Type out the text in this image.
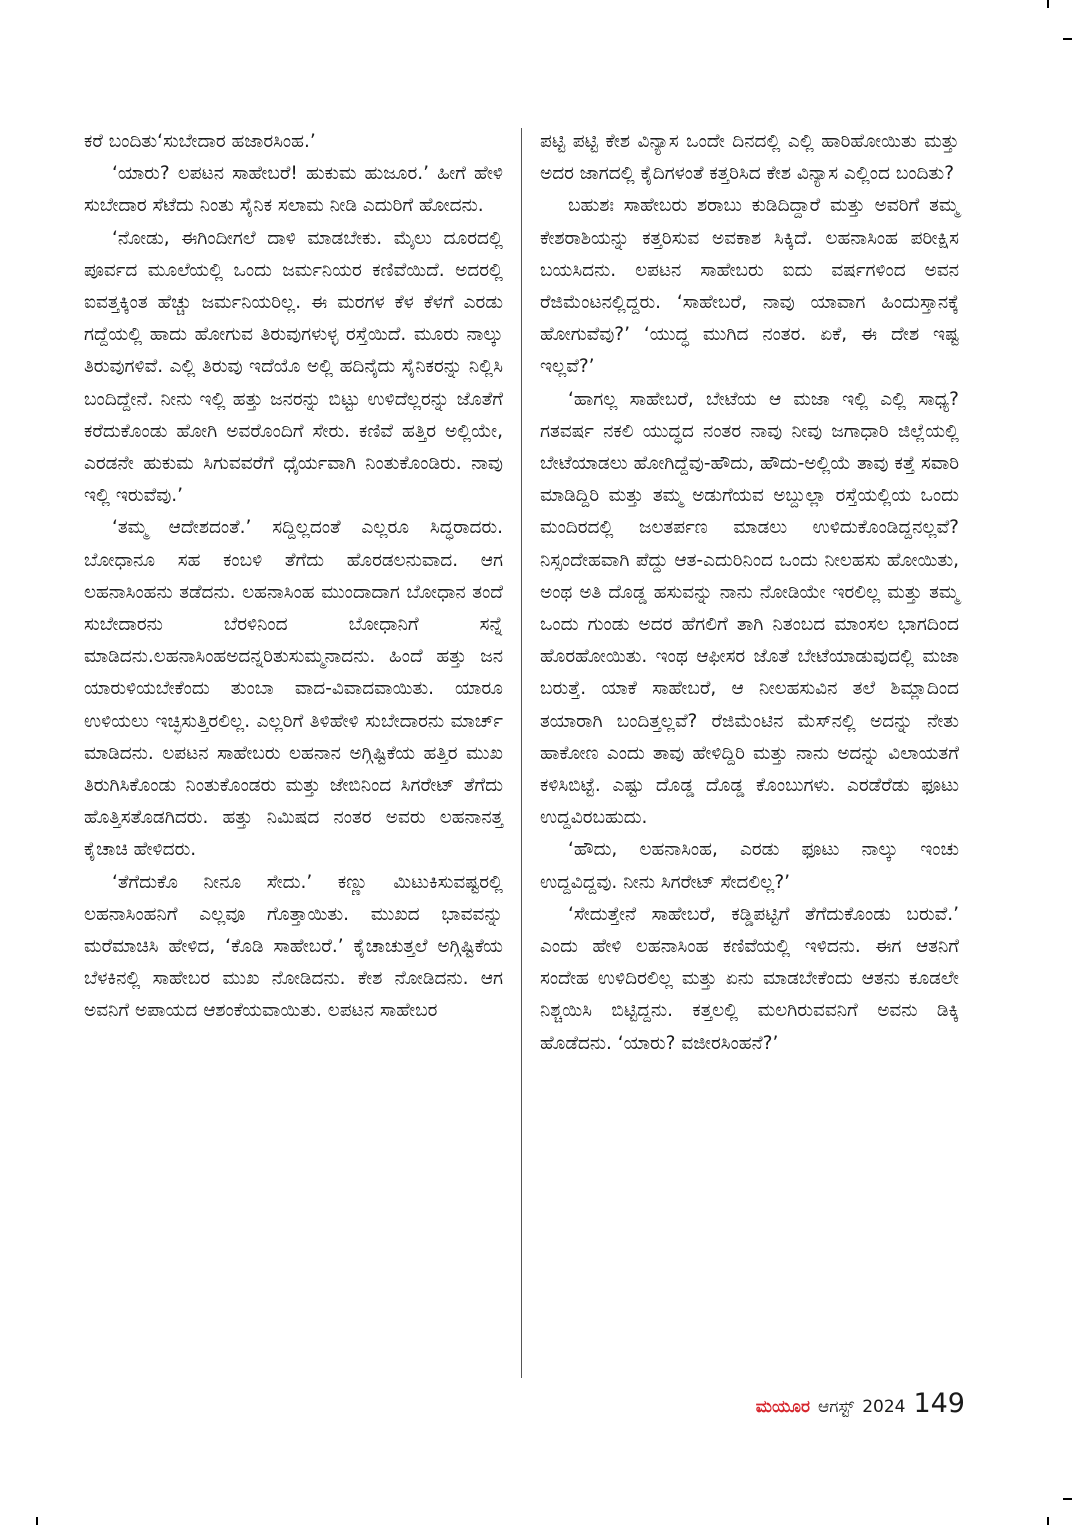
ಕರೆ ಬಂದಿತು‘ಸುಬೇದಾರ ಹಜಾರಸಿಂಹ.’

‘ಯಾರು? ಲಪಟನ ಸಾಹೇಬರೆ! ಹುಕುಮ ಹುಜೂರ.’ ಹೀಗೆ ಹೇಳಿ ಸುಬೇದಾರ ಸೆಟೆದು ನಿಂತು ಸೈನಿಕ ಸಲಾಮ ನೀಡಿ ಎದುರಿಗೆ ಹೋದನು.

‘ನೋಡು, ಈಗಿಂದೀಗಲೆ ದಾಳಿ ಮಾಡಬೇಕು. ಮೈಲು ದೂರದಲ್ಲಿ ಪೂರ್ವದ ಮೂಲೆಯಲ್ಲಿ ಒಂದು ಜರ್ಮನಿಯರ ಕಣಿವೆಯಿದೆ. ಅದರಲ್ಲಿ ಐವತ್ತಕ್ಕಿಂತ ಹೆಚ್ಚು ಜರ್ಮನಿಯರಿಲ್ಲ. ಈ ಮರಗಳ ಕೆಳ ಕೆಳಗೆ ಎರಡು ಗದ್ದೆಯಲ್ಲಿ ಹಾದು ಹೋಗುವ ತಿರುವುಗಳುಳ್ಳ ರಸ್ತೆಯಿದೆ. ಮೂರು ನಾಲ್ಕು ತಿರುವುಗಳಿವೆ. ಎಲ್ಲಿ ತಿರುವು ಇದೆಯೊ ಅಲ್ಲಿ ಹದಿನೈದು ಸೈನಿಕರನ್ನು ನಿಲ್ಲಿಸಿ ಬಂದಿದ್ದೇನೆ. ನೀನು ಇಲ್ಲಿ ಹತ್ತು ಜನರನ್ನು ಬಿಟ್ಟು ಉಳಿದೆಲ್ಲರನ್ನು ಜೊತೆಗೆ ಕರೆದುಕೊಂಡು ಹೋಗಿ ಅವರೊಂದಿಗೆ ಸೇರು. ಕಣಿವೆ ಹತ್ತಿರ ಅಲ್ಲಿಯೇ, ಎರಡನೇ ಹುಕುಮ ಸಿಗುವವರೆಗೆ ಧೈರ್ಯವಾಗಿ ನಿಂತುಕೊಂಡಿರು. ನಾವು ಇಲ್ಲಿ ಇರುವೆವು.’

‘ತಮ್ಮ ಆದೇಶದಂತೆ.’ ಸದ್ದಿಲ್ಲದಂತೆ ಎಲ್ಲರೂ ಸಿದ್ಧರಾದರು. ಬೋಧಾನೂ ಸಹ ಕಂಬಳಿ ತೆಗೆದು ಹೊರಡಲನುವಾದ. ಆಗ ಲಹನಾಸಿಂಹನು ತಡೆದನು. ಲಹನಾಸಿಂಹ ಮುಂದಾದಾಗ ಬೋಧಾನ ತಂದೆ ಸುಬೇದಾರನು ಬೆರಳಿನಿಂದ ಬೋಧಾನಿಗೆ ಸನ್ನೆ ಮಾಡಿದನು.ಲಹನಾಸಿಂಹಅದನ್ನರಿತುಸುಮ್ಮನಾದನು. ಹಿಂದೆ ಹತ್ತು ಜನ ಯಾರುಳಿಯಬೇಕೆಂದು ತುಂಬಾ ವಾದ-ವಿವಾದವಾಯಿತು. ಯಾರೂ ಉಳಿಯಲು ಇಚ್ಛಿಸುತ್ತಿರಲಿಲ್ಲ. ಎಲ್ಲರಿಗೆ ತಿಳಿಹೇಳಿ ಸುಬೇದಾರನು ಮಾರ್ಚ್ ಮಾಡಿದನು. ಲಪಟನ ಸಾಹೇಬರು ಲಹನಾನ ಅಗ್ಗಿಷ್ಟಿಕೆಯ ಹತ್ತಿರ ಮುಖ ತಿರುಗಿಸಿಕೊಂಡು ನಿಂತುಕೊಂಡರು ಮತ್ತು ಜೇಬಿನಿಂದ ಸಿಗರೇಟ್ ತೆಗೆದು ಹೊತ್ತಿಸತೊಡಗಿದರು. ಹತ್ತು ನಿಮಿಷದ ನಂತರ ಅವರು ಲಹನಾನತ್ತ ಕೈಚಾಚಿ ಹೇಳಿದರು.

‘ತೆಗೆದುಕೊ ನೀನೂ ಸೇದು.’ ಕಣ್ಣು ಮಿಟುಕಿಸುವಷ್ಟರಲ್ಲಿ ಲಹನಾಸಿಂಹನಿಗೆ ಎಲ್ಲವೂ ಗೊತ್ತಾಯಿತು. ಮುಖದ ಭಾವವನ್ನು ಮರೆಮಾಚಿಸಿ ಹೇಳಿದ, ‘ಕೊಡಿ ಸಾಹೇಬರೆ.’ ಕೈಚಾಚುತ್ತಲೆ ಅಗ್ಗಿಷ್ಟಿಕೆಯ ಬೆಳಕಿನಲ್ಲಿ ಸಾಹೇಬರ ಮುಖ ನೋಡಿದನು. ಕೇಶ ನೋಡಿದನು. ಆಗ ಅವನಿಗೆ ಅಪಾಯದ ಆಶಂಕೆಯವಾಯಿತು. ಲಪಟನ ಸಾಹೇಬರ

ಪಟ್ಟಿ ಪಟ್ಟಿ ಕೇಶ ವಿನ್ಯಾಸ ಒಂದೇ ದಿನದಲ್ಲಿ ಎಲ್ಲಿ ಹಾರಿಹೋಯಿತು ಮತ್ತು ಅದರ ಜಾಗದಲ್ಲಿ ಕೈದಿಗಳಂತೆ ಕತ್ತರಿಸಿದ ಕೇಶ ವಿನ್ಯಾಸ ಎಲ್ಲಿಂದ ಬಂದಿತು?

ಬಹುಶಃ ಸಾಹೇಬರು ಶರಾಬು ಕುಡಿದಿದ್ದಾರೆ ಮತ್ತು ಅವರಿಗೆ ತಮ್ಮ ಕೇಶರಾಶಿಯನ್ನು ಕತ್ತರಿಸುವ ಅವಕಾಶ ಸಿಕ್ಕಿದೆ. ಲಹನಾಸಿಂಹ ಪರೀಕ್ಷಿಸ ಬಯಸಿದನು. ಲಪಟನ ಸಾಹೇಬರು ಐದು ವರ್ಷಗಳಿಂದ ಅವನ ರೆಜಿಮೆಂಟನಲ್ಲಿದ್ದರು. ‘ಸಾಹೇಬರೆ, ನಾವು ಯಾವಾಗ ಹಿಂದುಸ್ತಾನಕ್ಕೆ ಹೋಗುವೆವು?’ ‘ಯುದ್ಧ ಮುಗಿದ ನಂತರ. ಏಕೆ, ಈ ದೇಶ ಇಷ್ಟ ಇಲ್ಲವೆ?’

‘ಹಾಗಲ್ಲ ಸಾಹೇಬರೆ, ಬೇಟೆಯ ಆ ಮಜಾ ಇಲ್ಲಿ ಎಲ್ಲಿ ಸಾಧ್ಯ? ಗತವರ್ಷ ನಕಲಿ ಯುದ್ಧದ ನಂತರ ನಾವು ನೀವು ಜಗಾಧಾರಿ ಜಿಲ್ಲೆಯಲ್ಲಿ ಬೇಟೆಯಾಡಲು ಹೋಗಿದ್ದೆವು-ಹೌದು, ಹೌದು-ಅಲ್ಲಿಯೆ ತಾವು ಕತ್ತೆ ಸವಾರಿ ಮಾಡಿದ್ದಿರಿ ಮತ್ತು ತಮ್ಮ ಅಡುಗೆಯವ ಅಬ್ದುಲ್ಲಾ ರಸ್ತೆಯಲ್ಲಿಯ ಒಂದು ಮಂದಿರದಲ್ಲಿ ಜಲತರ್ಪಣ ಮಾಡಲು ಉಳಿದುಕೊಂಡಿದ್ದನಲ್ಲವೆ? ನಿಸ್ಸಂದೇಹವಾಗಿ ಪೆದ್ದು ಆತ-ಎದುರಿನಿಂದ ಒಂದು ನೀಲಹಸು ಹೋಯಿತು, ಅಂಥ ಅತಿ ದೊಡ್ಡ ಹಸುವನ್ನು ನಾನು ನೋಡಿಯೇ ಇರಲಿಲ್ಲ ಮತ್ತು ತಮ್ಮ ಒಂದು ಗುಂಡು ಅದರ ಹೆಗಲಿಗೆ ತಾಗಿ ನಿತಂಬದ ಮಾಂಸಲ ಭಾಗದಿಂದ ಹೊರಹೋಯಿತು. ಇಂಥ ಆಫೀಸರ ಜೊತೆ ಬೇಟೆಯಾಡುವುದಲ್ಲಿ ಮಜಾ ಬರುತ್ತೆ. ಯಾಕೆ ಸಾಹೇಬರೆ, ಆ ನೀಲಹಸುವಿನ ತಲೆ ಶಿಮ್ಲಾದಿಂದ ತಯಾರಾಗಿ ಬಂದಿತ್ತಲ್ಲವೆ? ರೆಜಿಮೆಂಟಿನ ಮೆಸ್‌ನಲ್ಲಿ ಅದನ್ನು ನೇತು ಹಾಕೋಣ ಎಂದು ತಾವು ಹೇಳಿದ್ದಿರಿ ಮತ್ತು ನಾನು ಅದನ್ನು ವಿಲಾಯತಗೆ ಕಳಿಸಿಬಿಟ್ಟೆ. ಎಷ್ಟು ದೊಡ್ಡ ದೊಡ್ಡ ಕೊಂಬುಗಳು. ಎರಡೆರೆಡು ಫೂಟು ಉದ್ದವಿರಬಹುದು.

‘ಹೌದು, ಲಹನಾಸಿಂಹ, ಎರಡು ಫೂಟು ನಾಲ್ಕು ಇಂಚು ಉದ್ದವಿದ್ದವು. ನೀನು ಸಿಗರೇಟ್ ಸೇದಲಿಲ್ಲ?’

‘ಸೇದುತ್ತೇನೆ ಸಾಹೇಬರೆ, ಕಡ್ಡಿಪಟ್ಟಿಗೆ ತೆಗೆದುಕೊಂಡು ಬರುವೆ.’ ಎಂದು ಹೇಳಿ ಲಹನಾಸಿಂಹ ಕಣಿವೆಯಲ್ಲಿ ಇಳಿದನು. ಈಗ ಆತನಿಗೆ ಸಂದೇಹ ಉಳಿದಿರಲಿಲ್ಲ ಮತ್ತು ಏನು ಮಾಡಬೇಕೆಂದು ಆತನು ಕೂಡಲೇ ನಿಶ್ಚಯಿಸಿ ಬಿಟ್ಟಿದ್ದನು. ಕತ್ತಲಲ್ಲಿ ಮಲಗಿರುವವನಿಗೆ ಅವನು ಡಿಕ್ಕಿ ಹೊಡೆದನು. ‘ಯಾರು? ವಜೀರಸಿಂಹನೆ?’

ಮಯೂರ ಆಗಸ್ಟ್ 2024 149
